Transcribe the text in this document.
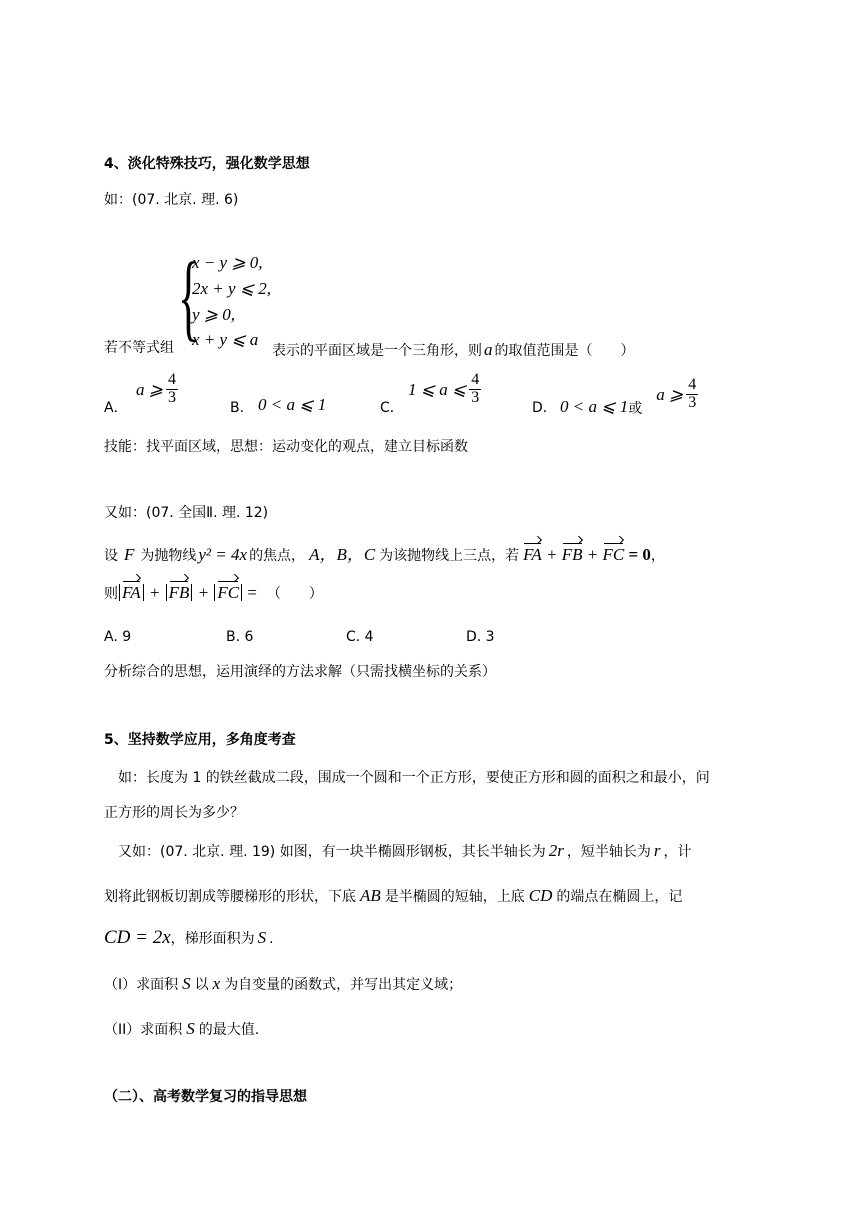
4、淡化特殊技巧，强化数学思想
如：(07. 北京. 理. 6)
{
x − y ⩾ 0,
2x + y ⩽ 2,
y ⩾ 0,
x + y ⩽ a
若不等式组	表示的平面区域是一个三角形，则 a 的取值范围是（　　）
A．
a ⩾ $\frac{4}{3}$
B． 0 < a ⩽ 1	C．
1 ⩽ a ⩽ $\frac{4}{3}$
D． 0 < a ⩽ 1 或
a ⩾ $\frac{4}{3}$
技能：找平面区域，思想：运动变化的观点，建立目标函数
又如：(07. 全国Ⅱ. 理. 12)
设 F 为抛物线 y² = 4x 的焦点， A，B，C 为该抛物线上三点，若 FA + FB + FC = 0 ，
则 FA + FB + FC = （　　）
A. 9	B. 6	C. 4	D. 3
分析综合的思想，运用演绎的方法求解（只需找横坐标的关系）
5、坚持数学应用，多角度考查
如：长度为 1 的铁丝截成二段，围成一个圆和一个正方形，要使正方形和圆的面积之和最小，问
正方形的周长为多少？
又如：(07. 北京. 理. 19) 如图，有一块半椭圆形钢板，其长半轴长为 2r ，短半轴长为 r ，计
划将此钢板切割成等腰梯形的形状，下底 AB 是半椭圆的短轴，上底 CD 的端点在椭圆上，记
CD = 2x ，梯形面积为 S .
（I）求面积 S 以 x 为自变量的函数式，并写出其定义域；
（II）求面积 S 的最大值.
（二）、高考数学复习的指导思想
